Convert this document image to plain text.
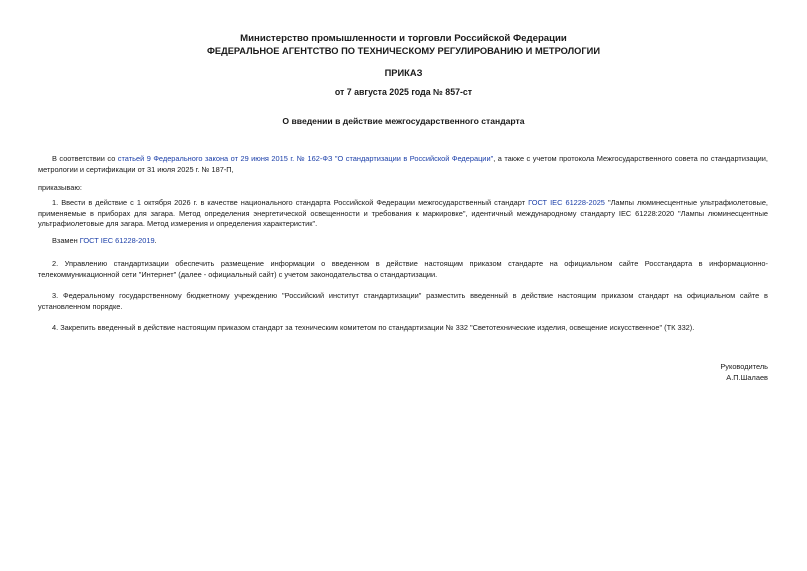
Министерство промышленности и торговли Российской Федерации
ФЕДЕРАЛЬНОЕ АГЕНТСТВО ПО ТЕХНИЧЕСКОМУ РЕГУЛИРОВАНИЮ И МЕТРОЛОГИИ
ПРИКАЗ
от 7 августа 2025 года № 857-ст
О введении в действие межгосударственного стандарта
В соответствии со статьей 9 Федерального закона от 29 июня 2015 г. № 162-ФЗ "О стандартизации в Российской Федерации", а также с учетом протокола Межгосударственного совета по стандартизации, метрологии и сертификации от 31 июля 2025 г. № 187-П,
приказываю:
1. Ввести в действие с 1 октября 2026 г. в качестве национального стандарта Российской Федерации межгосударственный стандарт ГОСТ IEC 61228-2025 "Лампы люминесцентные ультрафиолетовые, применяемые в приборах для загара. Метод определения энергетической освещенности и требования к маркировке", идентичный международному стандарту IEC 61228:2020 "Лампы люминесцентные ультрафиолетовые для загара. Метод измерения и определения характеристик".
Взамен ГОСТ IEC 61228-2019.
2. Управлению стандартизации обеспечить размещение информации о введенном в действие настоящим приказом стандарте на официальном сайте Росстандарта в информационно-телекоммуникационной сети "Интернет" (далее - официальный сайт) с учетом законодательства о стандартизации.
3. Федеральному государственному бюджетному учреждению "Российский институт стандартизации" разместить введенный в действие настоящим приказом стандарт на официальном сайте в установленном порядке.
4. Закрепить введенный в действие настоящим приказом стандарт за техническим комитетом по стандартизации № 332 "Светотехнические изделия, освещение искусственное" (ТК 332).
Руководитель
А.П.Шалаев
